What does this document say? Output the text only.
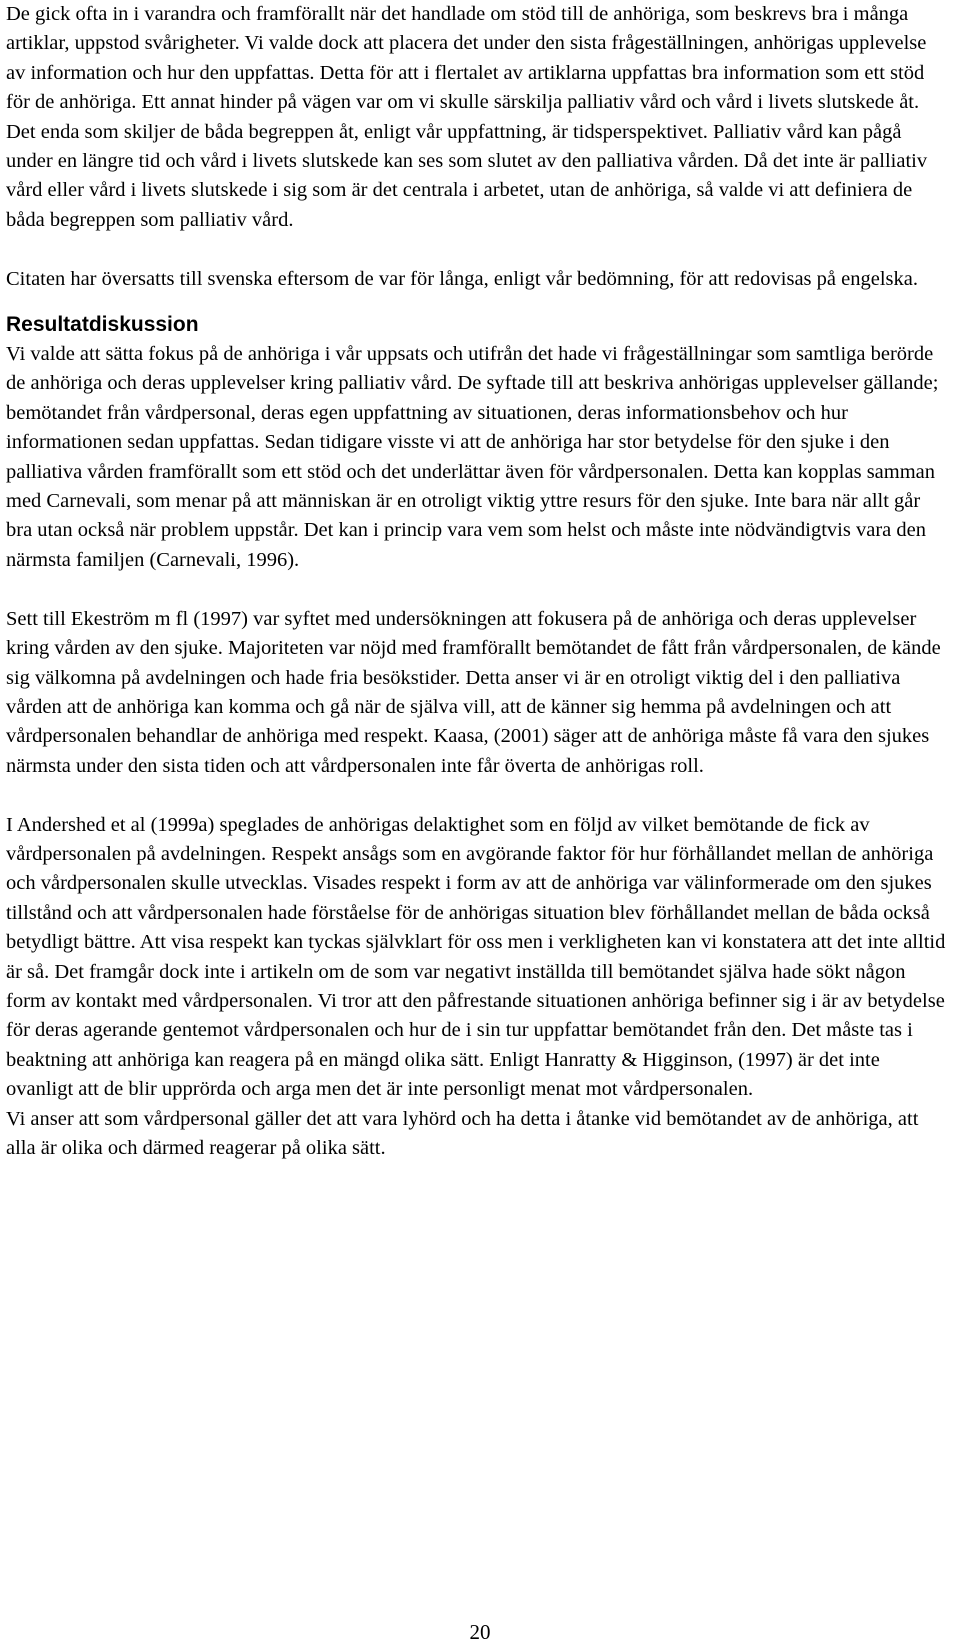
De gick ofta in i varandra och framförallt när det handlade om stöd till de anhöriga, som beskrevs bra i många artiklar, uppstod svårigheter. Vi valde dock att placera det under den sista frågeställningen, anhörigas upplevelse av information och hur den uppfattas. Detta för att i flertalet av artiklarna uppfattas bra information som ett stöd för de anhöriga. Ett annat hinder på vägen var om vi skulle särskilja palliativ vård och vård i livets slutskede åt. Det enda som skiljer de båda begreppen åt, enligt vår uppfattning, är tidsperspektivet. Palliativ vård kan pågå under en längre tid och vård i livets slutskede kan ses som slutet av den palliativa vården. Då det inte är palliativ vård eller vård i livets slutskede i sig som är det centrala i arbetet, utan de anhöriga, så valde vi att definiera de båda begreppen som palliativ vård.

Citaten har översatts till svenska eftersom de var för långa, enligt vår bedömning, för att redovisas på engelska.

Resultatdiskussion

Vi valde att sätta fokus på de anhöriga i vår uppsats och utifrån det hade vi frågeställningar som samtliga berörde de anhöriga och deras upplevelser kring palliativ vård. De syftade till att beskriva anhörigas upplevelser gällande; bemötandet från vårdpersonal, deras egen uppfattning av situationen, deras informationsbehov och hur informationen sedan uppfattas. Sedan tidigare visste vi att de anhöriga har stor betydelse för den sjuke i den palliativa vården framförallt som ett stöd och det underlättar även för vårdpersonalen. Detta kan kopplas samman med Carnevali, som menar på att människan är en otroligt viktig yttre resurs för den sjuke. Inte bara när allt går bra utan också när problem uppstår. Det kan i princip vara vem som helst och måste inte nödvändigtvis vara den närmsta familjen (Carnevali, 1996).

Sett till Ekeström m fl (1997) var syftet med undersökningen att fokusera på de anhöriga och deras upplevelser kring vården av den sjuke. Majoriteten var nöjd med framförallt bemötandet de fått från vårdpersonalen, de kände sig välkomna på avdelningen och hade fria besökstider. Detta anser vi är en otroligt viktig del i den palliativa vården att de anhöriga kan komma och gå när de själva vill, att de känner sig hemma på avdelningen och att vårdpersonalen behandlar de anhöriga med respekt. Kaasa, (2001) säger att de anhöriga måste få vara den sjukes närmsta under den sista tiden och att vårdpersonalen inte får överta de anhörigas roll.

I Andershed et al (1999a) speglades de anhörigas delaktighet som en följd av vilket bemötande de fick av vårdpersonalen på avdelningen. Respekt ansågs som en avgörande faktor för hur förhållandet mellan de anhöriga och vårdpersonalen skulle utvecklas. Visades respekt i form av att de anhöriga var välinformerade om den sjukes tillstånd och att vårdpersonalen hade förståelse för de anhörigas situation blev förhållandet mellan de båda också betydligt bättre. Att visa respekt kan tyckas självklart för oss men i verkligheten kan vi konstatera att det inte alltid är så. Det framgår dock inte i artikeln om de som var negativt inställda till bemötandet själva hade sökt någon form av kontakt med vårdpersonalen. Vi tror att den påfrestande situationen anhöriga befinner sig i är av betydelse för deras agerande gentemot vårdpersonalen och hur de i sin tur uppfattar bemötandet från den. Det måste tas i beaktning att anhöriga kan reagera på en mängd olika sätt. Enligt Hanratty & Higginson, (1997) är det inte ovanligt att de blir upprörda och arga men det är inte personligt menat mot vårdpersonalen.

Vi anser att som vårdpersonal gäller det att vara lyhörd och ha detta i åtanke vid bemötandet av de anhöriga, att alla är olika och därmed reagerar på olika sätt.

20
